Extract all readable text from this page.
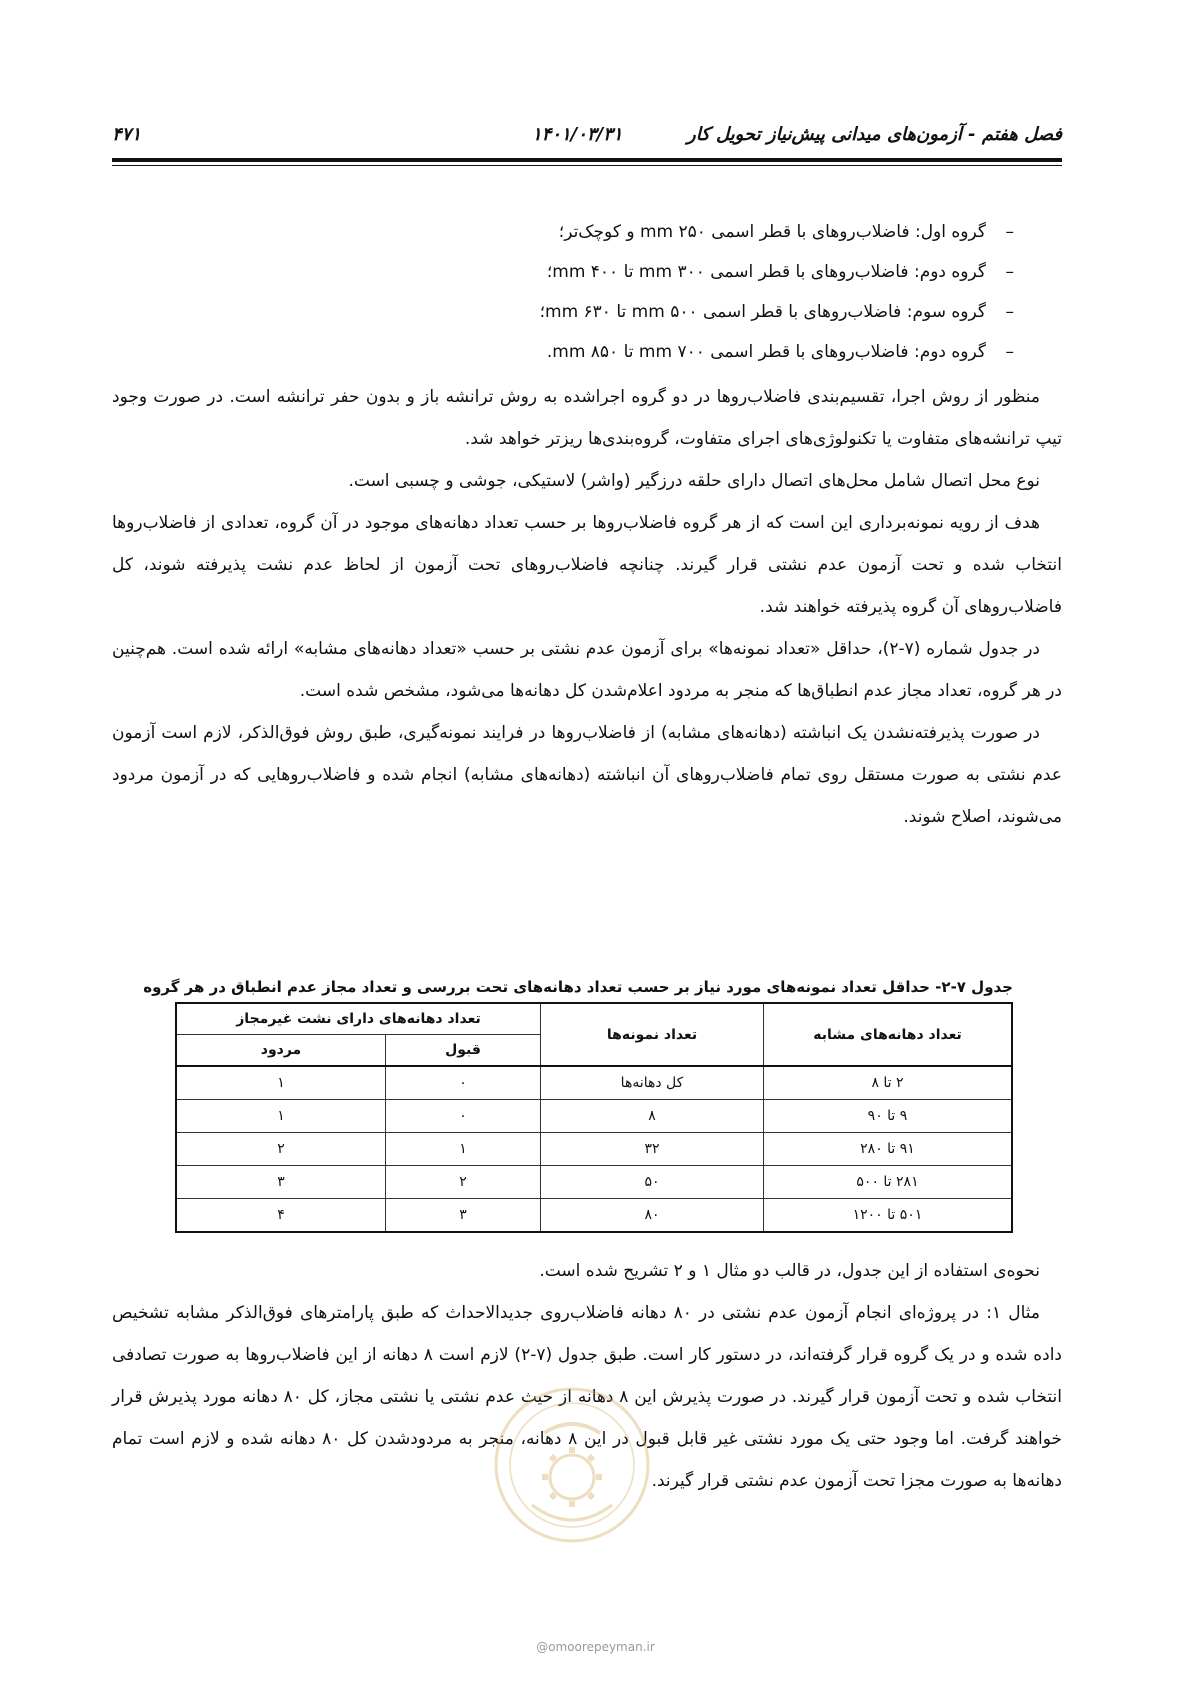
فصل هفتم - آزمون‌های میدانی پیش‌نیاز تحویل کار
۱۴۰۱/۰۳/۳۱
۴۷۱
–گروه اول: فاضلاب‌روهای با قطر اسمی ۲۵۰ mm و کوچک‌تر؛
–گروه دوم: فاضلاب‌روهای با قطر اسمی ۳۰۰ mm تا ۴۰۰ mm؛
–گروه سوم: فاضلاب‌روهای با قطر اسمی ۵۰۰ mm تا ۶۳۰ mm؛
–گروه دوم: فاضلاب‌روهای با قطر اسمی ۷۰۰ mm تا ۸۵۰ mm.

منظور از روش اجرا، تقسیم‌بندی فاضلاب‌روها در دو گروه اجراشده به روش ترانشه باز و بدون حفر ترانشه است. در صورت وجود تیپ ترانشه‌های متفاوت یا تکنولوژی‌های اجرای متفاوت، گروه‌بندی‌ها ریزتر خواهد شد.

نوع محل اتصال شامل محل‌های اتصال دارای حلقه درزگیر (واشر) لاستیکی، جوشی و چسبی است.

هدف از رویه نمونه‌برداری این است که از هر گروه فاضلاب‌روها بر حسب تعداد دهانه‌های موجود در آن گروه، تعدادی از فاضلاب‌روها انتخاب شده و تحت آزمون عدم نشتی قرار گیرند. چنانچه فاضلاب‌روهای تحت آزمون از لحاظ عدم نشت پذیرفته شوند، کل فاضلاب‌روهای آن گروه پذیرفته خواهند شد.

در جدول شماره (۷-۲)، حداقل «تعداد نمونه‌ها» برای آزمون عدم نشتی بر حسب «تعداد دهانه‌های مشابه» ارائه شده است. هم‌چنین در هر گروه، تعداد مجاز عدم انطباق‌ها که منجر به مردود اعلام‌شدن کل دهانه‌ها می‌شود، مشخص شده است.

در صورت پذیرفته‌نشدن یک انباشته (دهانه‌های مشابه) از فاضلاب‌روها در فرایند نمونه‌گیری، طبق روش فوق‌الذکر، لازم است آزمون عدم نشتی به صورت مستقل روی تمام فاضلاب‌روهای آن انباشته (دهانه‌های مشابه) انجام شده و فاضلاب‌روهایی که در آزمون مردود می‌شوند، اصلاح شوند.

جدول ۷-۲- حداقل تعداد نمونه‌های مورد نیاز بر حسب تعداد دهانه‌های تحت بررسی و تعداد مجاز عدم انطباق در هر گروه
تعداد دهانه‌های مشابه	تعداد نمونه‌ها	تعداد دهانه‌های دارای نشت غیرمجاز	
		قبول	مردود
۲ تا ۸	کل دهانه‌ها	۰	۱
۹ تا ۹۰	۸	۰	۱
۹۱ تا ۲۸۰	۳۲	۱	۲
۲۸۱ تا ۵۰۰	۵۰	۲	۳
۵۰۱ تا ۱۲۰۰	۸۰	۳	۴

نحوه‌ی استفاده از این جدول، در قالب دو مثال ۱ و ۲ تشریح شده است.

مثال ۱: در پروژه‌ای انجام آزمون عدم نشتی در ۸۰ دهانه فاضلاب‌روی جدیدالاحداث که طبق پارامترهای فوق‌الذکر مشابه تشخیص داده شده و در یک گروه قرار گرفته‌اند، در دستور کار است. طبق جدول (۷-۲) لازم است ۸ دهانه از این فاضلاب‌روها به صورت تصادفی انتخاب شده و تحت آزمون قرار گیرند. در صورت پذیرش این ۸ دهانه از حیث عدم نشتی یا نشتی مجاز، کل ۸۰ دهانه مورد پذیرش قرار خواهند گرفت. اما وجود حتی یک مورد نشتی غیر قابل قبول در این ۸ دهانه، منجر به مردودشدن کل ۸۰ دهانه شده و لازم است تمام دهانه‌ها به صورت مجزا تحت آزمون عدم نشتی قرار گیرند.

@omoorepeyman.ir
